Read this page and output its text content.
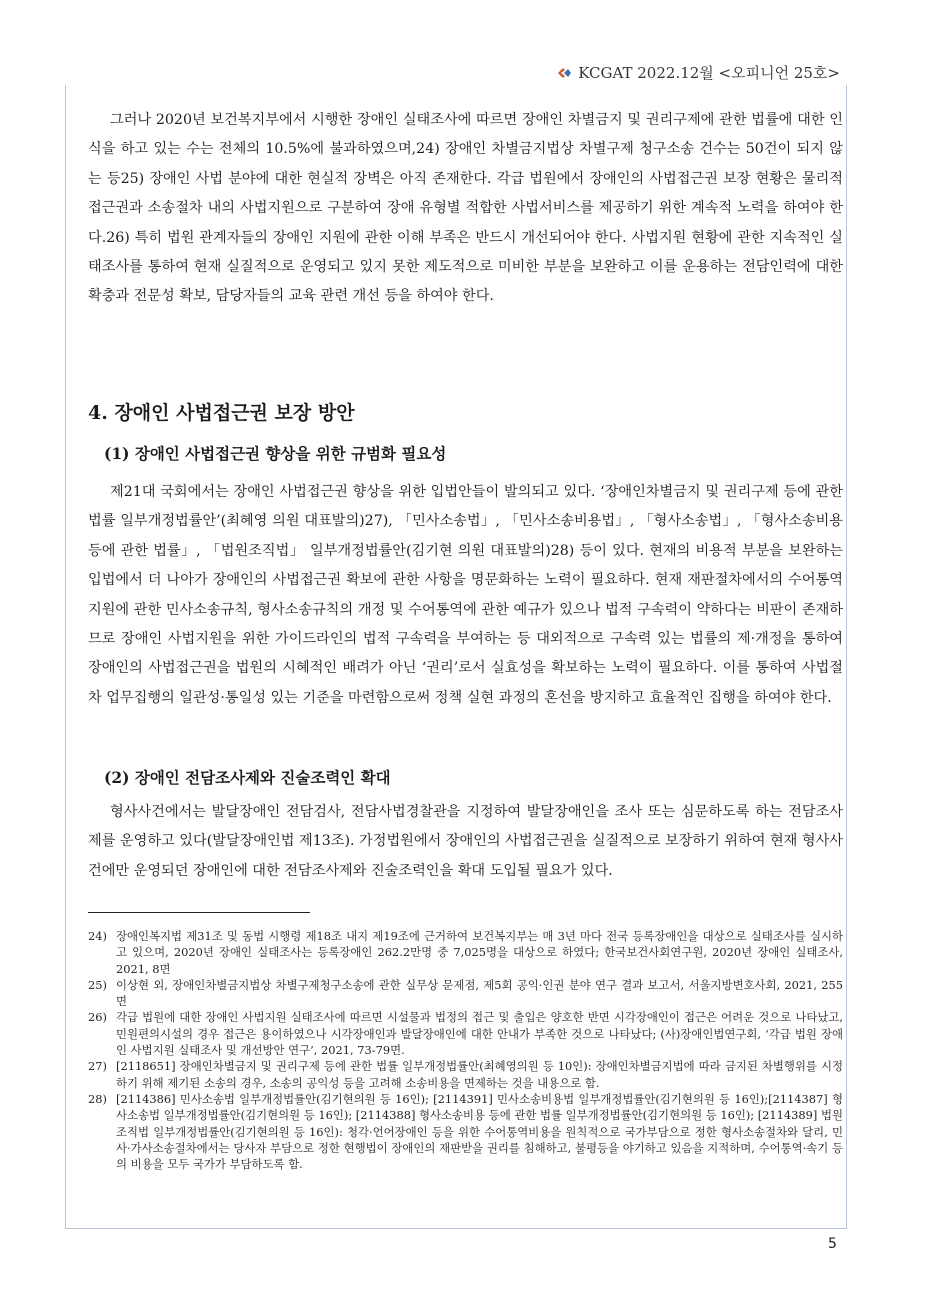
KCGAT 2022.12월 <오피니언 25호>

그러나 2020년 보건복지부에서 시행한 장애인 실태조사에 따르면 장애인 차별금지 및 권리구제에 관한 법률에 대한 인식을 하고 있는 수는 전체의 10.5%에 불과하였으며,24) 장애인 차별금지법상 차별구제 청구소송 건수는 50건이 되지 않는 등25) 장애인 사법 분야에 대한 현실적 장벽은 아직 존재한다. 각급 법원에서 장애인의 사법접근권 보장 현황은 물리적 접근권과 소송절차 내의 사법지원으로 구분하여 장애 유형별 적합한 사법서비스를 제공하기 위한 계속적 노력을 하여야 한다.26) 특히 법원 관계자들의 장애인 지원에 관한 이해 부족은 반드시 개선되어야 한다. 사법지원 현황에 관한 지속적인 실태조사를 통하여 현재 실질적으로 운영되고 있지 못한 제도적으로 미비한 부분을 보완하고 이를 운용하는 전담인력에 대한 확충과 전문성 확보, 담당자들의 교육 관련 개선 등을 하여야 한다.

4. 장애인 사법접근권 보장 방안
(1) 장애인 사법접근권 향상을 위한 규범화 필요성

제21대 국회에서는 장애인 사법접근권 향상을 위한 입법안들이 발의되고 있다. ‘장애인차별금지 및 권리구제 등에 관한 법률 일부개정법률안’(최혜영 의원 대표발의)27), 「민사소송법」, 「민사소송비용법」, 「형사소송법」, 「형사소송비용 등에 관한 법률」, 「법원조직법」 일부개정법률안(김기현 의원 대표발의)28) 등이 있다. 현재의 비용적 부분을 보완하는 입법에서 더 나아가 장애인의 사법접근권 확보에 관한 사항을 명문화하는 노력이 필요하다. 현재 재판절차에서의 수어통역 지원에 관한 민사소송규칙, 형사소송규칙의 개정 및 수어통역에 관한 예규가 있으나 법적 구속력이 약하다는 비판이 존재하므로 장애인 사법지원을 위한 가이드라인의 법적 구속력을 부여하는 등 대외적으로 구속력 있는 법률의 제·개정을 통하여 장애인의 사법접근권을 법원의 시혜적인 배려가 아닌 ‘권리’로서 실효성을 확보하는 노력이 필요하다. 이를 통하여 사법절차 업무집행의 일관성·통일성 있는 기준을 마련함으로써 정책 실현 과정의 혼선을 방지하고 효율적인 집행을 하여야 한다.

(2) 장애인 전담조사제와 진술조력인 확대

형사사건에서는 발달장애인 전담검사, 전담사법경찰관을 지정하여 발달장애인을 조사 또는 심문하도록 하는 전담조사제를 운영하고 있다(발달장애인법 제13조). 가정법원에서 장애인의 사법접근권을 실질적으로 보장하기 위하여 현재 형사사건에만 운영되던 장애인에 대한 전담조사제와 진술조력인을 확대 도입될 필요가 있다.

24) 장애인복지법 제31조 및 동법 시행령 제18조 내지 제19조에 근거하여 보건복지부는 매 3년 마다 전국 등록장애인을 대상으로 실태조사를 실시하고 있으며, 2020년 장애인 실태조사는 등록장애인 262.2만명 중 7,025명을 대상으로 하였다; 한국보건사회연구원, 2020년 장애인 실태조사, 2021, 8면
25) 이상현 외, 장애인차별금지법상 차별구제청구소송에 관한 실무상 문제점, 제5회 공익·인권 분야 연구 결과 보고서, 서울지방변호사회, 2021, 255면
26) 각급 법원에 대한 장애인 사법지원 실태조사에 따르면 시설물과 법정의 접근 및 출입은 양호한 반면 시각장애인이 접근은 어려운 것으로 나타났고, 민원편의시설의 경우 접근은 용이하였으나 시각장애인과 발달장애인에 대한 안내가 부족한 것으로 나타났다; (사)장애인법연구회, ‘각급 법원 장애인 사법지원 실태조사 및 개선방안 연구’, 2021, 73-79면.
27) [2118651] 장애인차별금지 및 권리구제 등에 관한 법률 일부개정법률안(최혜영의원 등 10인): 장애인차별금지법에 따라 금지된 차별행위를 시정하기 위해 제기된 소송의 경우, 소송의 공익성 등을 고려해 소송비용을 면제하는 것을 내용으로 함.
28) [2114386] 민사소송법 일부개정법률안(김기현의원 등 16인); [2114391] 민사소송비용법 일부개정법률안(김기현의원 등 16인);[2114387] 형사소송법 일부개정법률안(김기현의원 등 16인); [2114388] 형사소송비용 등에 관한 법률 일부개정법률안(김기현의원 등 16인); [2114389] 법원조직법 일부개정법률안(김기현의원 등 16인): 청각·언어장애인 등을 위한 수어통역비용을 원칙적으로 국가부담으로 정한 형사소송절차와 달리, 민사·가사소송절차에서는 당사자 부담으로 정한 현행법이 장애인의 재판받을 권리를 침해하고, 불평등을 야기하고 있음을 지적하며, 수어통역·속기 등의 비용을 모두 국가가 부담하도록 함.
5
